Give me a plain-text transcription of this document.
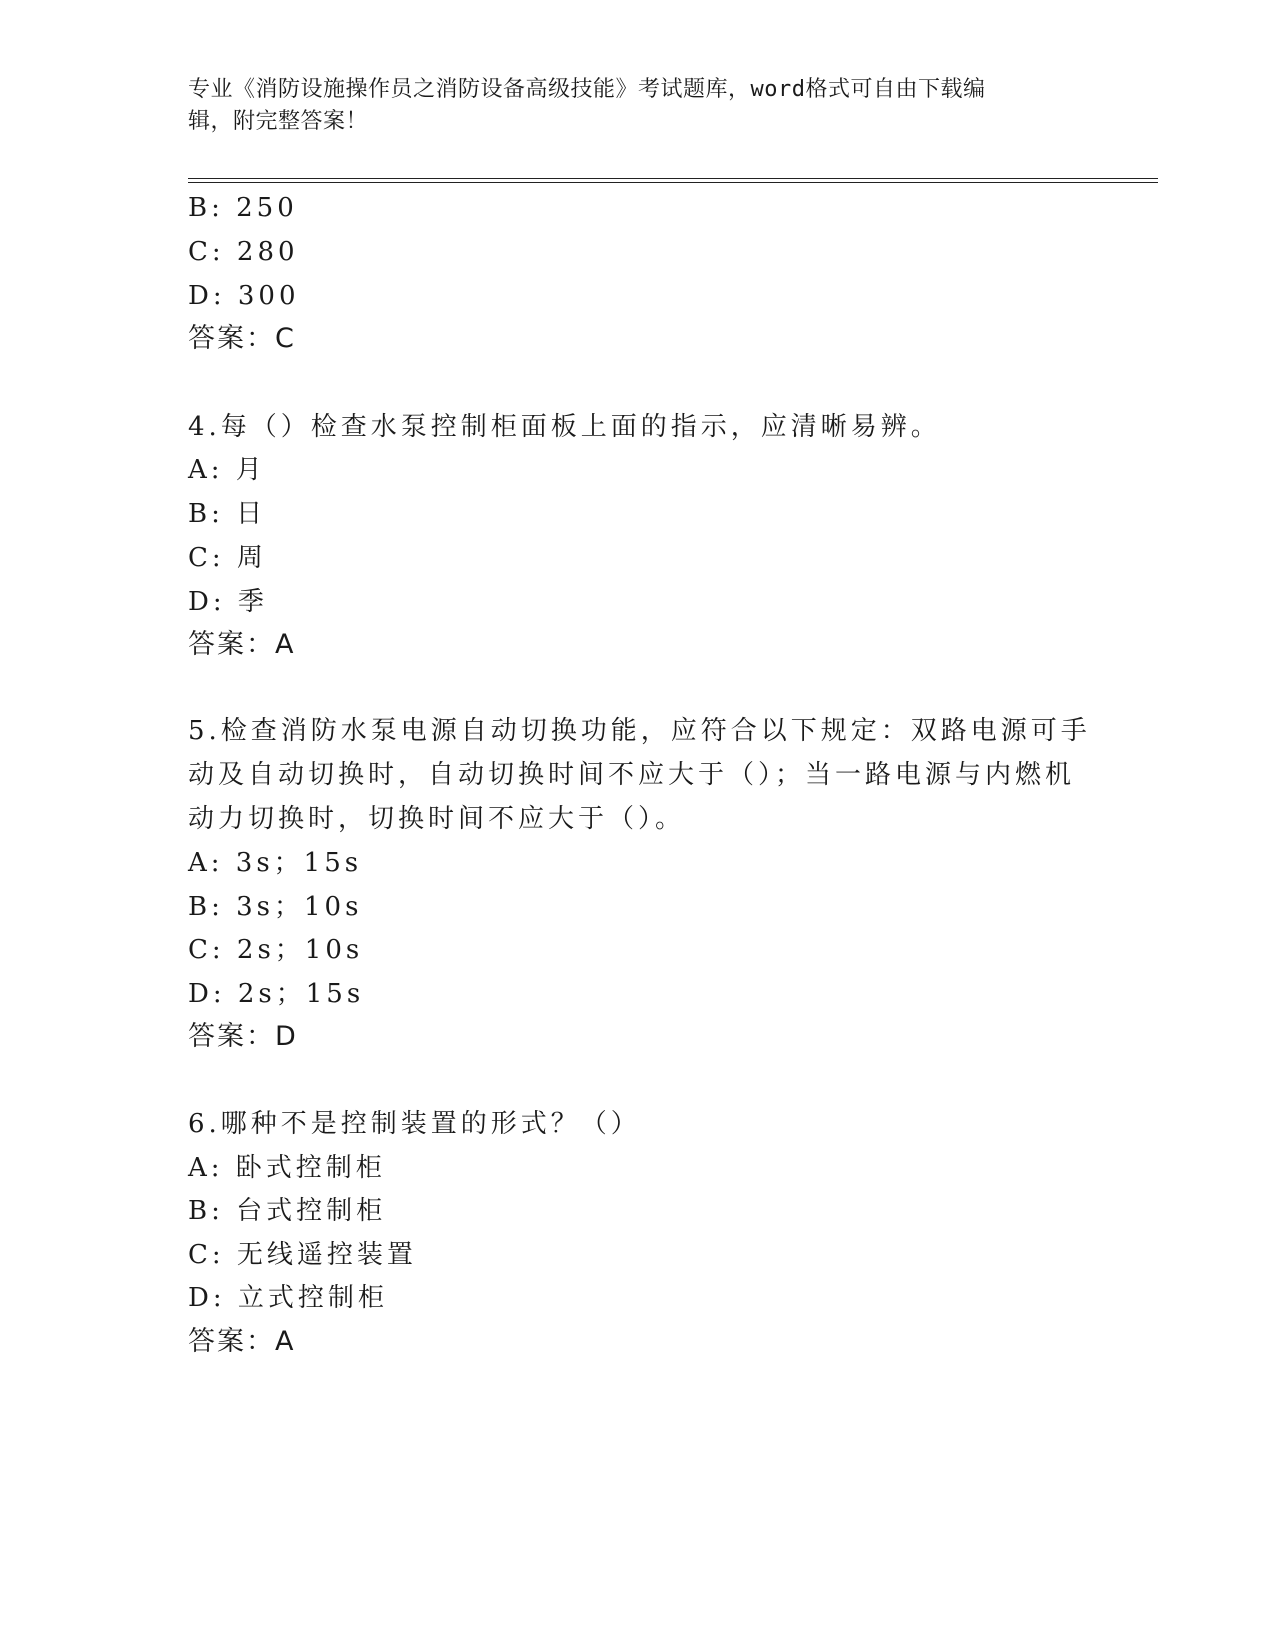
专业《消防设施操作员之消防设备高级技能》考试题库，word格式可自由下载编
辑，附完整答案！
B: 250
C: 280
D: 300
答案：C
4.每（）检查水泵控制柜面板上面的指示，应清晰易辨。
A: 月
B: 日
C: 周
D: 季
答案：A
5.检查消防水泵电源自动切换功能，应符合以下规定：双路电源可手
动及自动切换时，自动切换时间不应大于（）；当一路电源与内燃机
动力切换时，切换时间不应大于（）。
A: 3s；15s
B: 3s；10s
C: 2s；10s
D: 2s；15s
答案：D
6.哪种不是控制装置的形式？（）
A: 卧式控制柜
B: 台式控制柜
C: 无线遥控装置
D: 立式控制柜
答案：A
